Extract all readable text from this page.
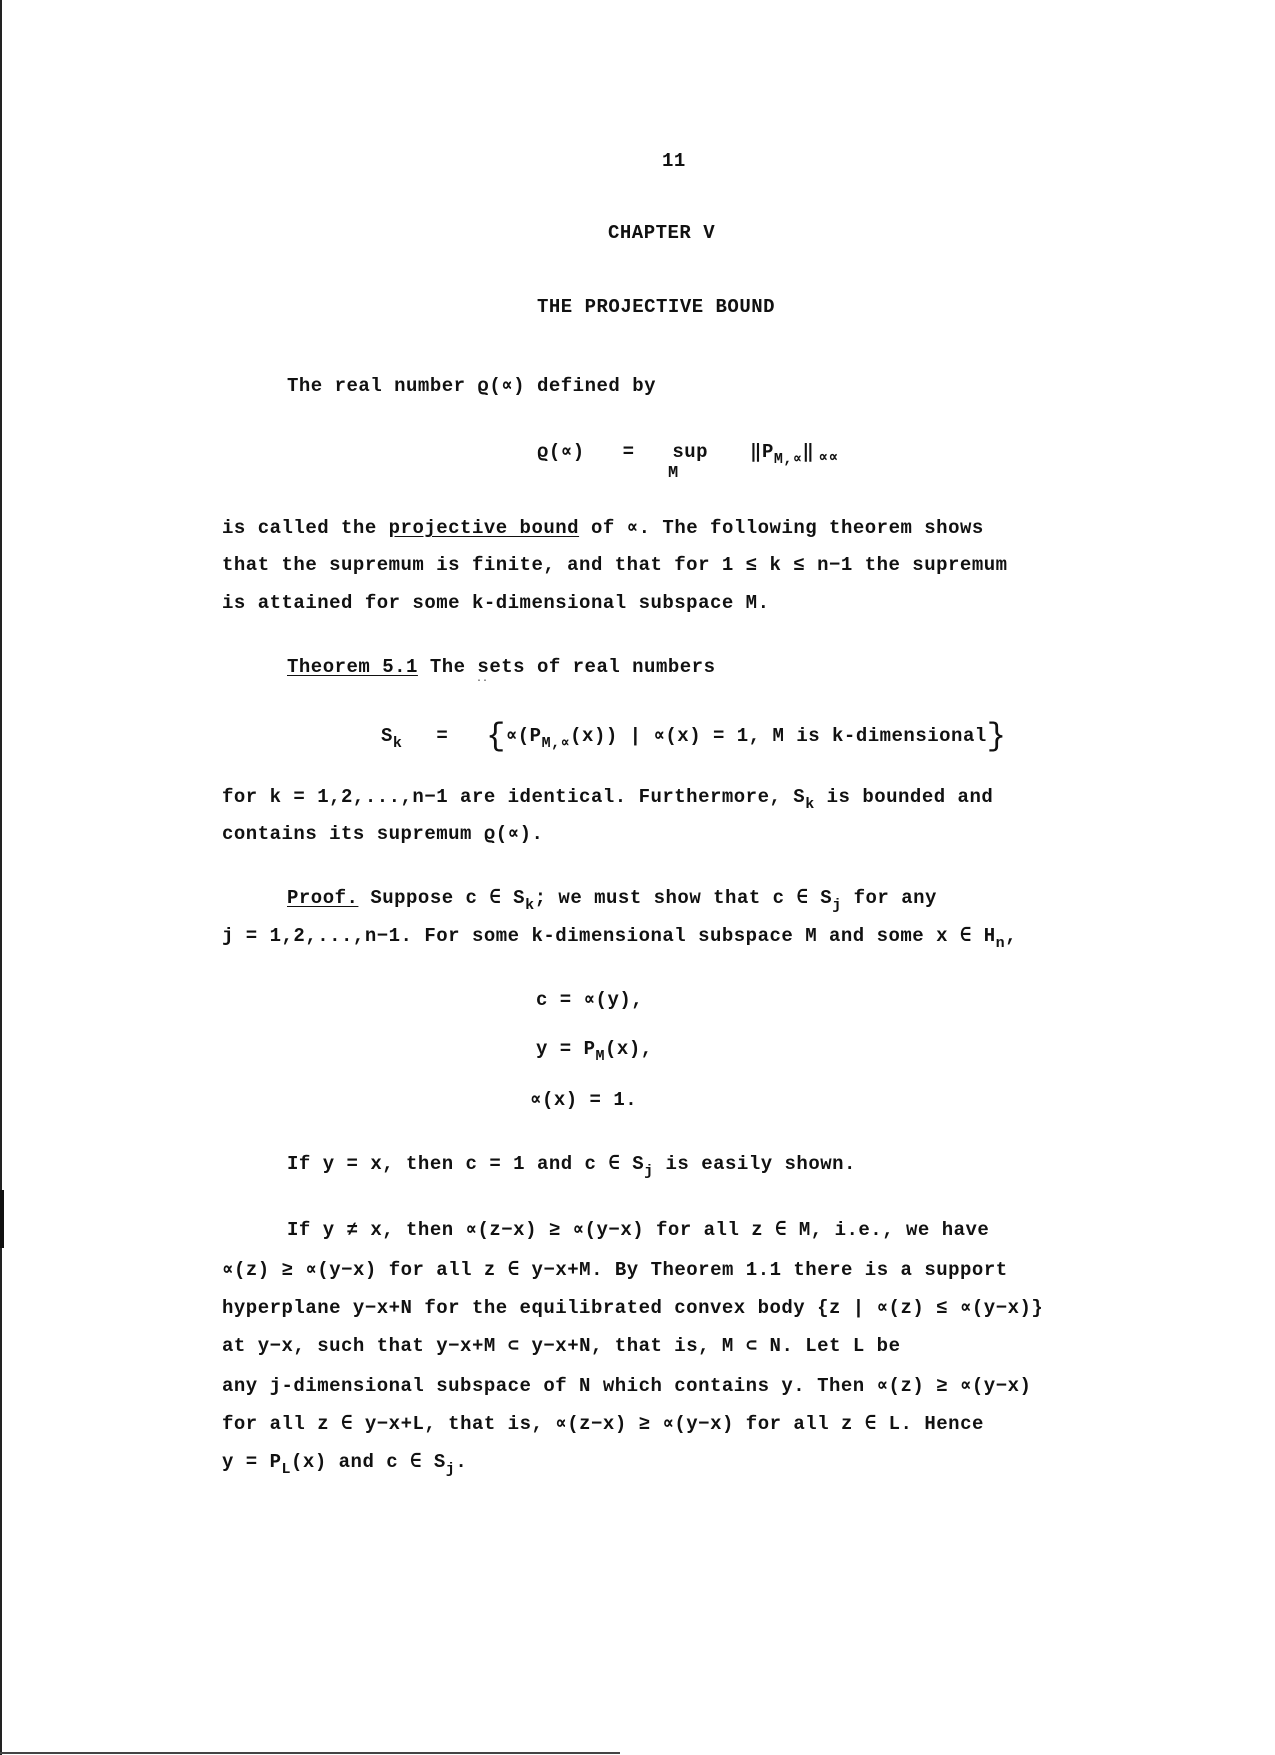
11
CHAPTER V
THE PROJECTIVE BOUND
The real number ϱ(∝) defined by
ϱ(∝) = sup $‖P_{M,\propto}‖$ $_{\propto\propto}$
M
is called the projective bound of ∝. The following theorem shows
that the supremum is finite, and that for 1 ≤ k ≤ n−1 the supremum
is attained for some k-dimensional subspace M.
Theorem 5.1 The sets of real numbers
··
$S_k = \{\propto(P_{M,\propto}(x))$ | ∝(x) = 1, M is k-dimensional}
for k = 1,2,...,n−1 are identical. Furthermore, $S_k$ is bounded and
contains its supremum ϱ(∝).
Proof. Suppose c ∈ $S_k$; we must show that c ∈ $S_j$ for any
j = 1,2,...,n−1. For some k-dimensional subspace M and some x ∈ $H_n$,
c = ∝(y),
$y = P_M(x)$,
∝(x) = 1.
If y = x, then c = 1 and c ∈ $S_j$ is easily shown.
If y ≠ x, then ∝(z−x) ≥ ∝(y−x) for all z ∈ M, i.e., we have
∝(z) ≥ ∝(y−x) for all z ∈ y−x+M. By Theorem 1.1 there is a support
hyperplane y−x+N for the equilibrated convex body {z | ∝(z) ≤ ∝(y−x)}
at y−x, such that y−x+M ⊂ y−x+N, that is, M ⊂ N. Let L be
any j-dimensional subspace of N which contains y. Then ∝(z) ≥ ∝(y−x)
for all z ∈ y−x+L, that is, ∝(z−x) ≥ ∝(y−x) for all z ∈ L. Hence
$y = P_L(x)$ and c ∈ $S_j$.
